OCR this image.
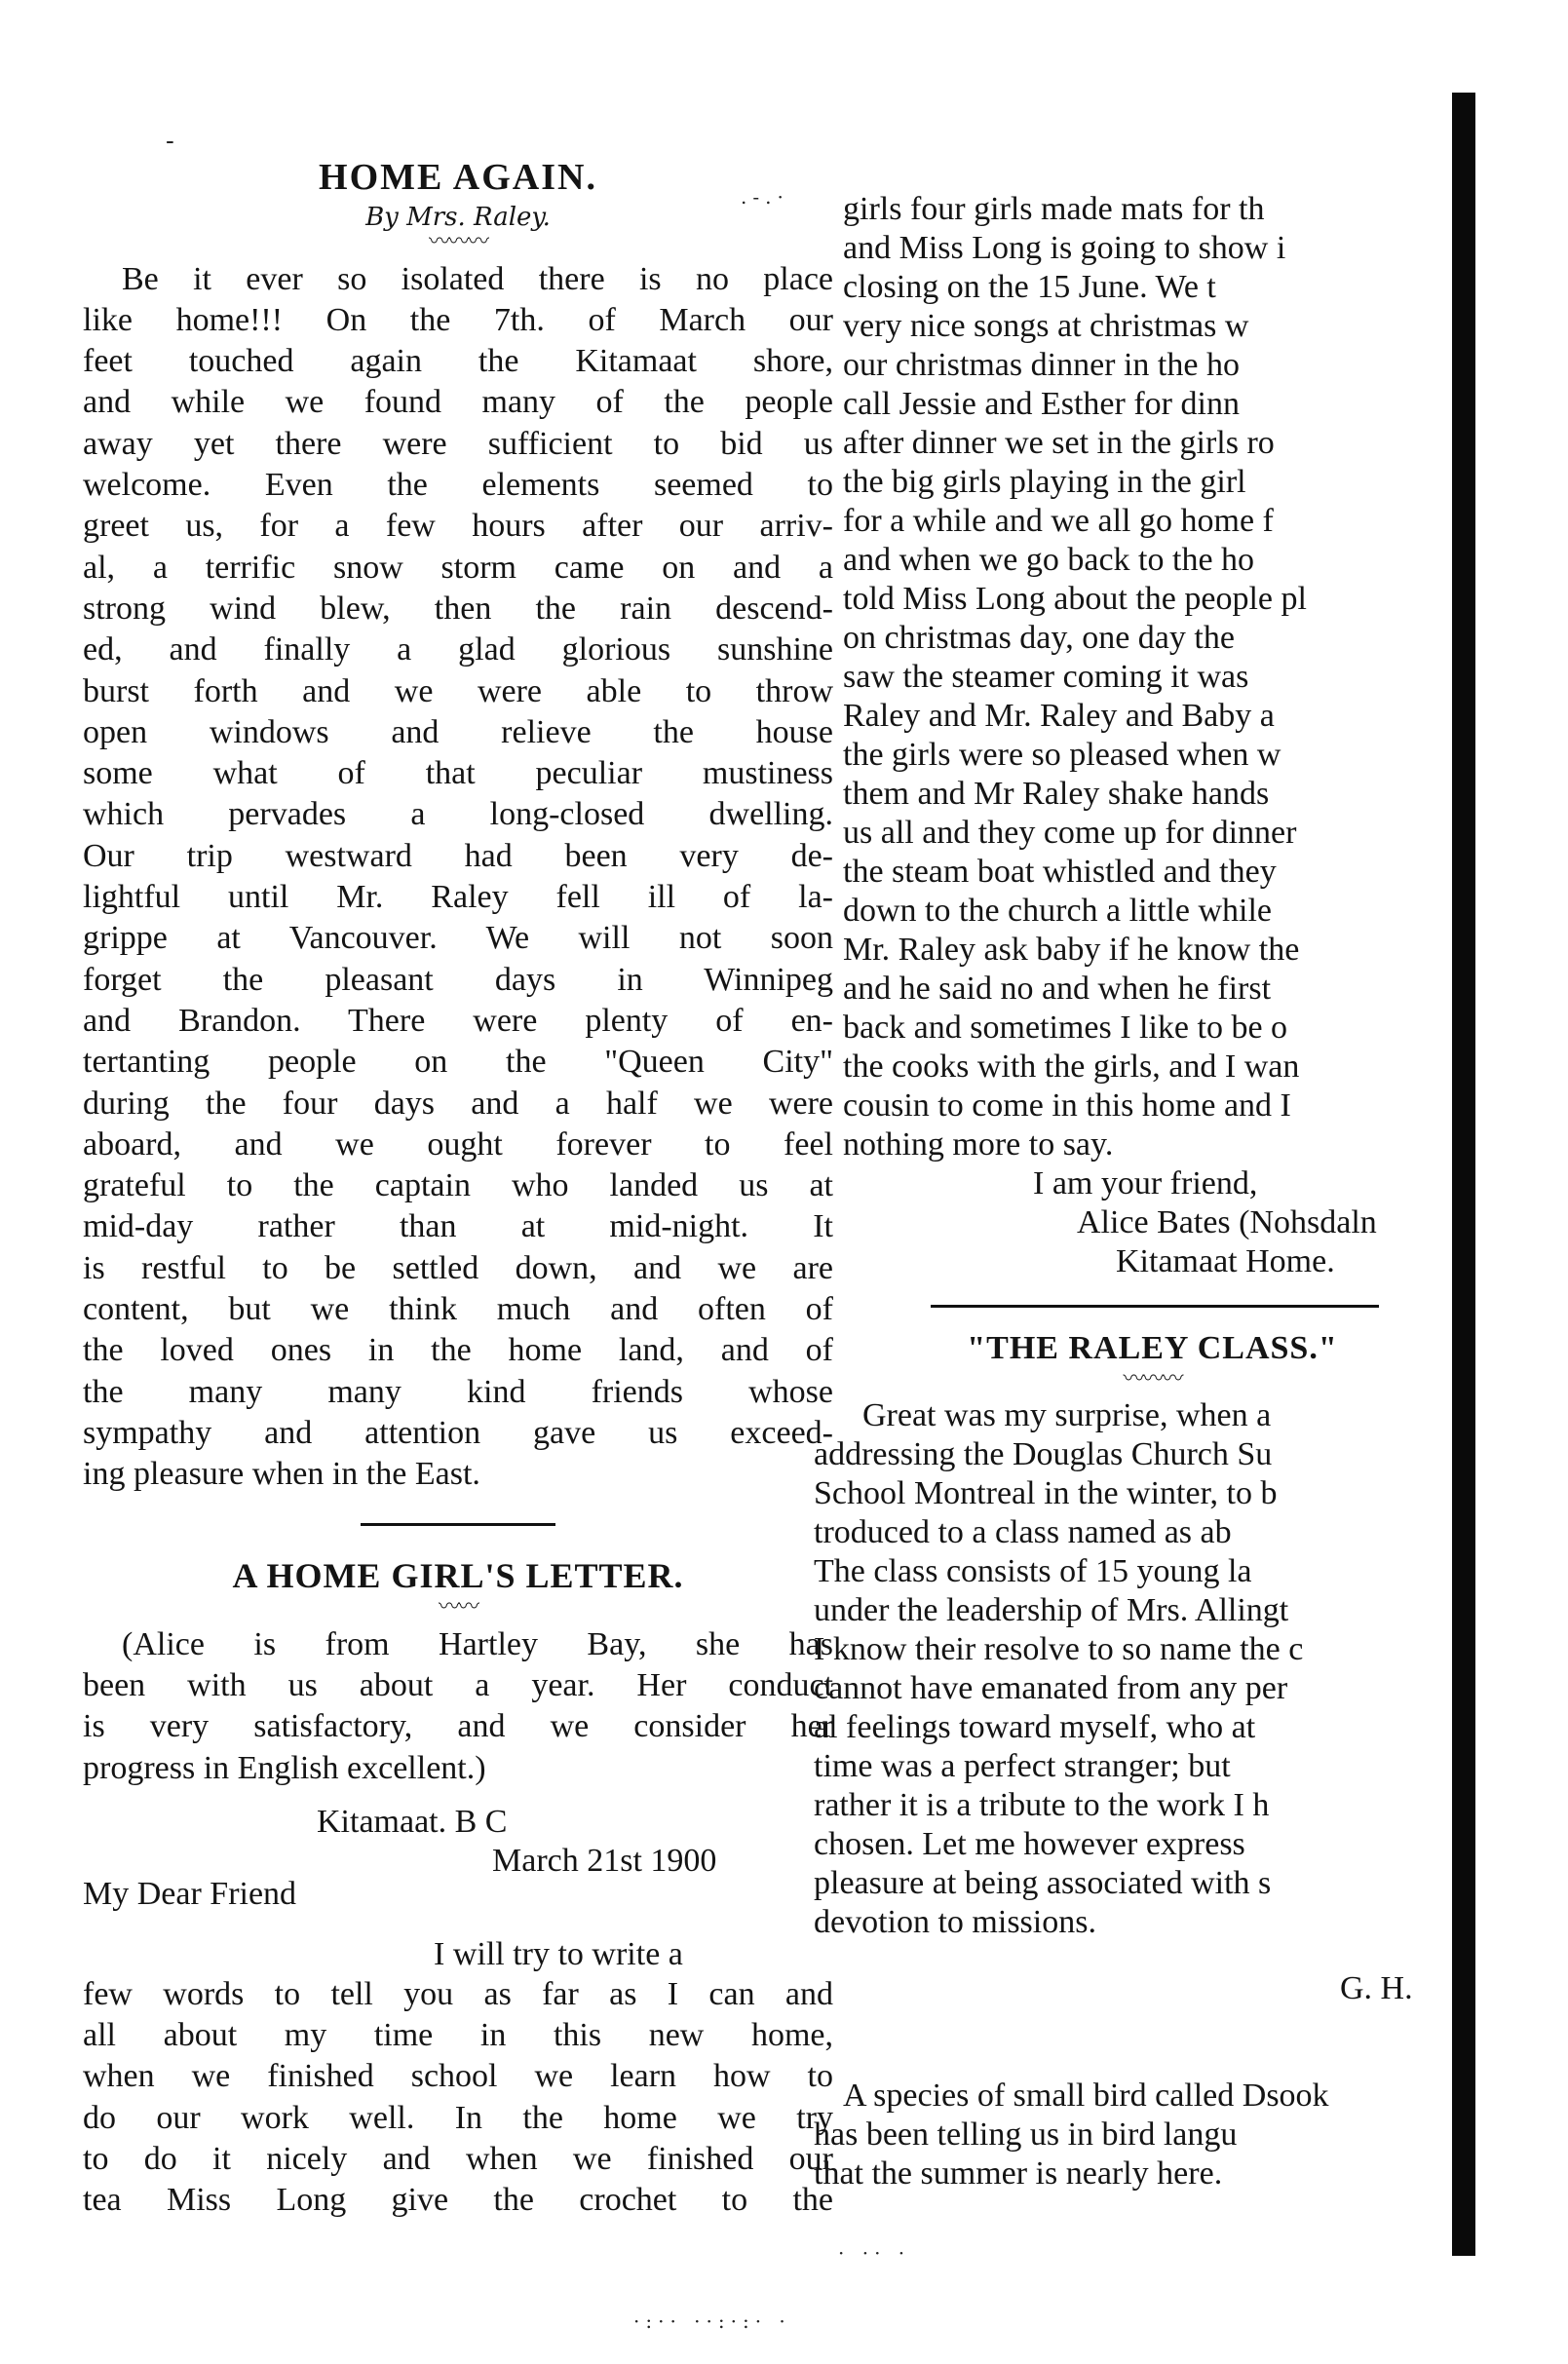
-
.-.·
· ·· ·
·:·· ··:·:· ·
HOME AGAIN.
By Mrs. Raley.
〰〰〰
Be it ever so isolated there is no place
like home!!! On the 7th. of March our
feet touched again the Kitamaat shore,
and while we found many of the people
away yet there were sufficient to bid us
welcome. Even the elements seemed to
greet us, for a few hours after our arriv-
al, a terrific snow storm came on and a
strong wind blew, then the rain descend-
ed, and finally a glad glorious sunshine
burst forth and we were able to throw
open windows and relieve the house
some what of that peculiar mustiness
which pervades a long-closed dwelling.
Our trip westward had been very de-
lightful until Mr. Raley fell ill of la-
grippe at Vancouver. We will not soon
forget the pleasant days in Winnipeg
and Brandon. There were plenty of en-
tertanting people on the "Queen City"
during the four days and a half we were
aboard, and we ought forever to feel
grateful to the captain who landed us at
mid-day rather than at mid-night. It
is restful to be settled down, and we are
content, but we think much and often of
the loved ones in the home land, and of
the many many kind friends whose
sympathy and attention gave us exceed-
ing pleasure when in the East.
A HOME GIRL'S LETTER.
〰〰
(Alice is from Hartley Bay, she has
been with us about a year. Her conduct
is very satisfactory, and we consider her
progress in English excellent.)
Kitamaat. B C
March 21st 1900
My Dear Friend
I will try to write a
few words to tell you as far as I can and
all about my time in this new home,
when we finished school we learn how to
do our work well. In the home we try
to do it nicely and when we finished our
tea Miss Long give the crochet to the
girls four girls made mats for th
and Miss Long is going to show i
closing on the 15 June. We t
very nice songs at christmas w
our christmas dinner in the ho
call Jessie and Esther for dinn
after dinner we set in the girls ro
the big girls playing in the girl
for a while and we all go home f
and when we go back to the ho
told Miss Long about the people pl
on christmas day, one day the
saw the steamer coming it was
Raley and Mr. Raley and Baby a
the girls were so pleased when w
them and Mr Raley shake hands
us all and they come up for dinner
the steam boat whistled and they
down to the church a little while
Mr. Raley ask baby if he know the
and he said no and when he first
back and sometimes I like to be o
the cooks with the girls, and I wan
cousin to come in this home and I
nothing more to say.
I am your friend,
Alice Bates (Nohsdaln
Kitamaat Home.
"THE RALEY CLASS."
〰〰〰
Great was my surprise, when a
addressing the Douglas Church Su
School Montreal in the winter, to b
troduced to a class named as ab
The class consists of 15 young la
under the leadership of Mrs. Allingt
I know their resolve to so name the c
cannot have emanated from any per
al feelings toward myself, who at
time was a perfect stranger; but
rather it is a tribute to the work I h
chosen. Let me however express
pleasure at being associated with s
devotion to missions.
G. H.
A species of small bird called Dsook
has been telling us in bird langu
that the summer is nearly here.
